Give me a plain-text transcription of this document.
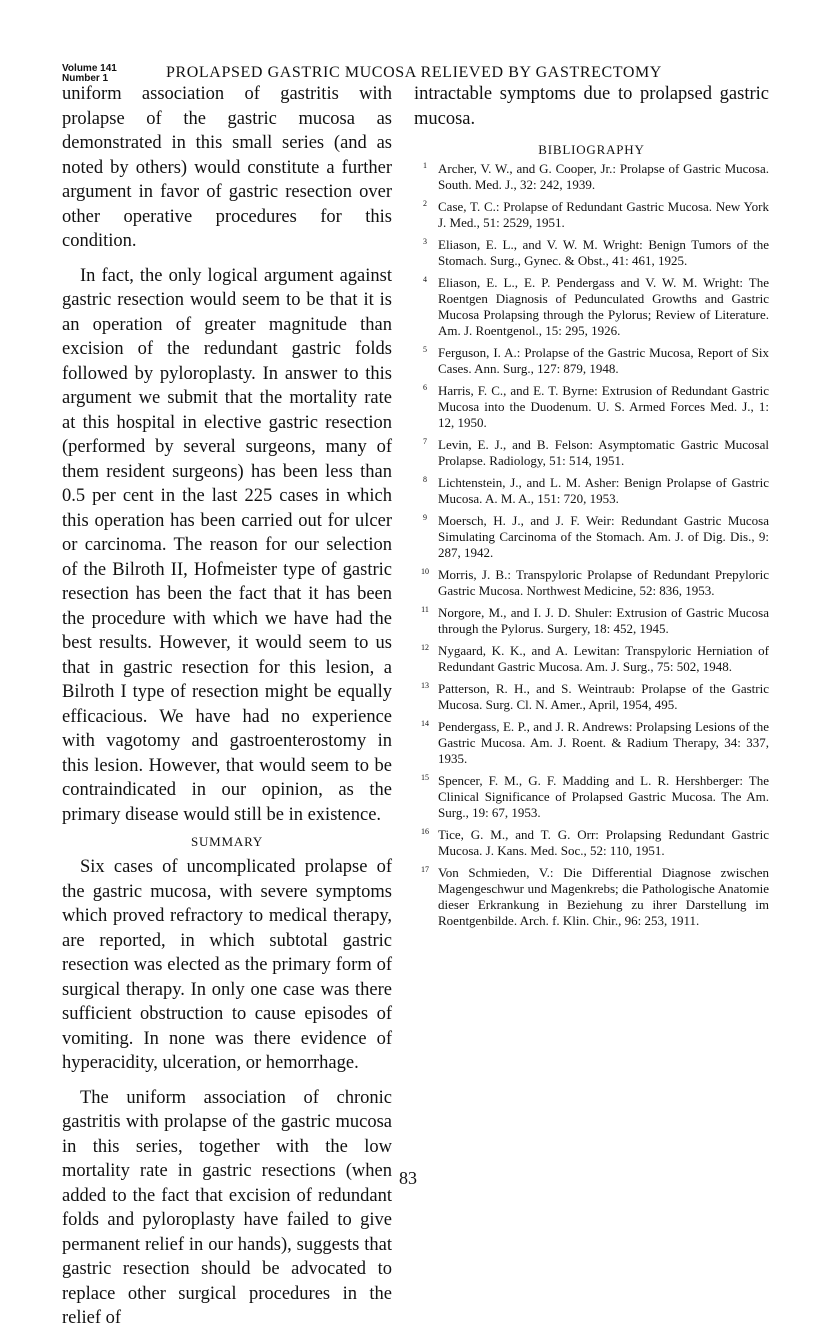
Volume 141
Number 1	PROLAPSED GASTRIC MUCOSA RELIEVED BY GASTRECTOMY

uniform association of gastritis with prolapse of the gastric mucosa as demonstrated in this small series (and as noted by others) would constitute a further argument in favor of gastric resection over other operative procedures for this condition.

In fact, the only logical argument against gastric resection would seem to be that it is an operation of greater magnitude than excision of the redundant gastric folds followed by pyloroplasty. In answer to this argument we submit that the mortality rate at this hospital in elective gastric resection (performed by several surgeons, many of them resident surgeons) has been less than 0.5 per cent in the last 225 cases in which this operation has been carried out for ulcer or carcinoma. The reason for our selection of the Bilroth II, Hofmeister type of gastric resection has been the fact that it has been the procedure with which we have had the best results. However, it would seem to us that in gastric resection for this lesion, a Bilroth I type of resection might be equally efficacious. We have had no experience with vagotomy and gastroenterostomy in this lesion. However, that would seem to be contraindicated in our opinion, as the primary disease would still be in existence.

SUMMARY

Six cases of uncomplicated prolapse of the gastric mucosa, with severe symptoms which proved refractory to medical therapy, are reported, in which subtotal gastric resection was elected as the primary form of surgical therapy. In only one case was there sufficient obstruction to cause episodes of vomiting. In none was there evidence of hyperacidity, ulceration, or hemorrhage.

The uniform association of chronic gastritis with prolapse of the gastric mucosa in this series, together with the low mortality rate in gastric resections (when added to the fact that excision of redundant folds and pyloroplasty have failed to give permanent relief in our hands), suggests that gastric resection should be advocated to replace other surgical procedures in the relief of

intractable symptoms due to prolapsed gastric mucosa.

BIBLIOGRAPHY
1 Archer, V. W., and G. Cooper, Jr.: Prolapse of Gastric Mucosa. South. Med. J., 32: 242, 1939.
2 Case, T. C.: Prolapse of Redundant Gastric Mucosa. New York J. Med., 51: 2529, 1951.
3 Eliason, E. L., and V. W. M. Wright: Benign Tumors of the Stomach. Surg., Gynec. & Obst., 41: 461, 1925.
4 Eliason, E. L., E. P. Pendergass and V. W. M. Wright: The Roentgen Diagnosis of Pedunculated Growths and Gastric Mucosa Prolapsing through the Pylorus; Review of Literature. Am. J. Roentgenol., 15: 295, 1926.
5 Ferguson, I. A.: Prolapse of the Gastric Mucosa, Report of Six Cases. Ann. Surg., 127: 879, 1948.
6 Harris, F. C., and E. T. Byrne: Extrusion of Redundant Gastric Mucosa into the Duodenum. U. S. Armed Forces Med. J., 1: 12, 1950.
7 Levin, E. J., and B. Felson: Asymptomatic Gastric Mucosal Prolapse. Radiology, 51: 514, 1951.
8 Lichtenstein, J., and L. M. Asher: Benign Prolapse of Gastric Mucosa. A. M. A., 151: 720, 1953.
9 Moersch, H. J., and J. F. Weir: Redundant Gastric Mucosa Simulating Carcinoma of the Stomach. Am. J. of Dig. Dis., 9: 287, 1942.
10 Morris, J. B.: Transpyloric Prolapse of Redundant Prepyloric Gastric Mucosa. Northwest Medicine, 52: 836, 1953.
11 Norgore, M., and I. J. D. Shuler: Extrusion of Gastric Mucosa through the Pylorus. Surgery, 18: 452, 1945.
12 Nygaard, K. K., and A. Lewitan: Transpyloric Herniation of Redundant Gastric Mucosa. Am. J. Surg., 75: 502, 1948.
13 Patterson, R. H., and S. Weintraub: Prolapse of the Gastric Mucosa. Surg. Cl. N. Amer., April, 1954, 495.
14 Pendergass, E. P., and J. R. Andrews: Prolapsing Lesions of the Gastric Mucosa. Am. J. Roent. & Radium Therapy, 34: 337, 1935.
15 Spencer, F. M., G. F. Madding and L. R. Hershberger: The Clinical Significance of Prolapsed Gastric Mucosa. The Am. Surg., 19: 67, 1953.
16 Tice, G. M., and T. G. Orr: Prolapsing Redundant Gastric Mucosa. J. Kans. Med. Soc., 52: 110, 1951.
17 Von Schmieden, V.: Die Differential Diagnose zwischen Magengeschwur und Magenkrebs; die Pathologische Anatomie dieser Erkrankung in Beziehung zu ihrer Darstellung im Roentgenbilde. Arch. f. Klin. Chir., 96: 253, 1911.
83
